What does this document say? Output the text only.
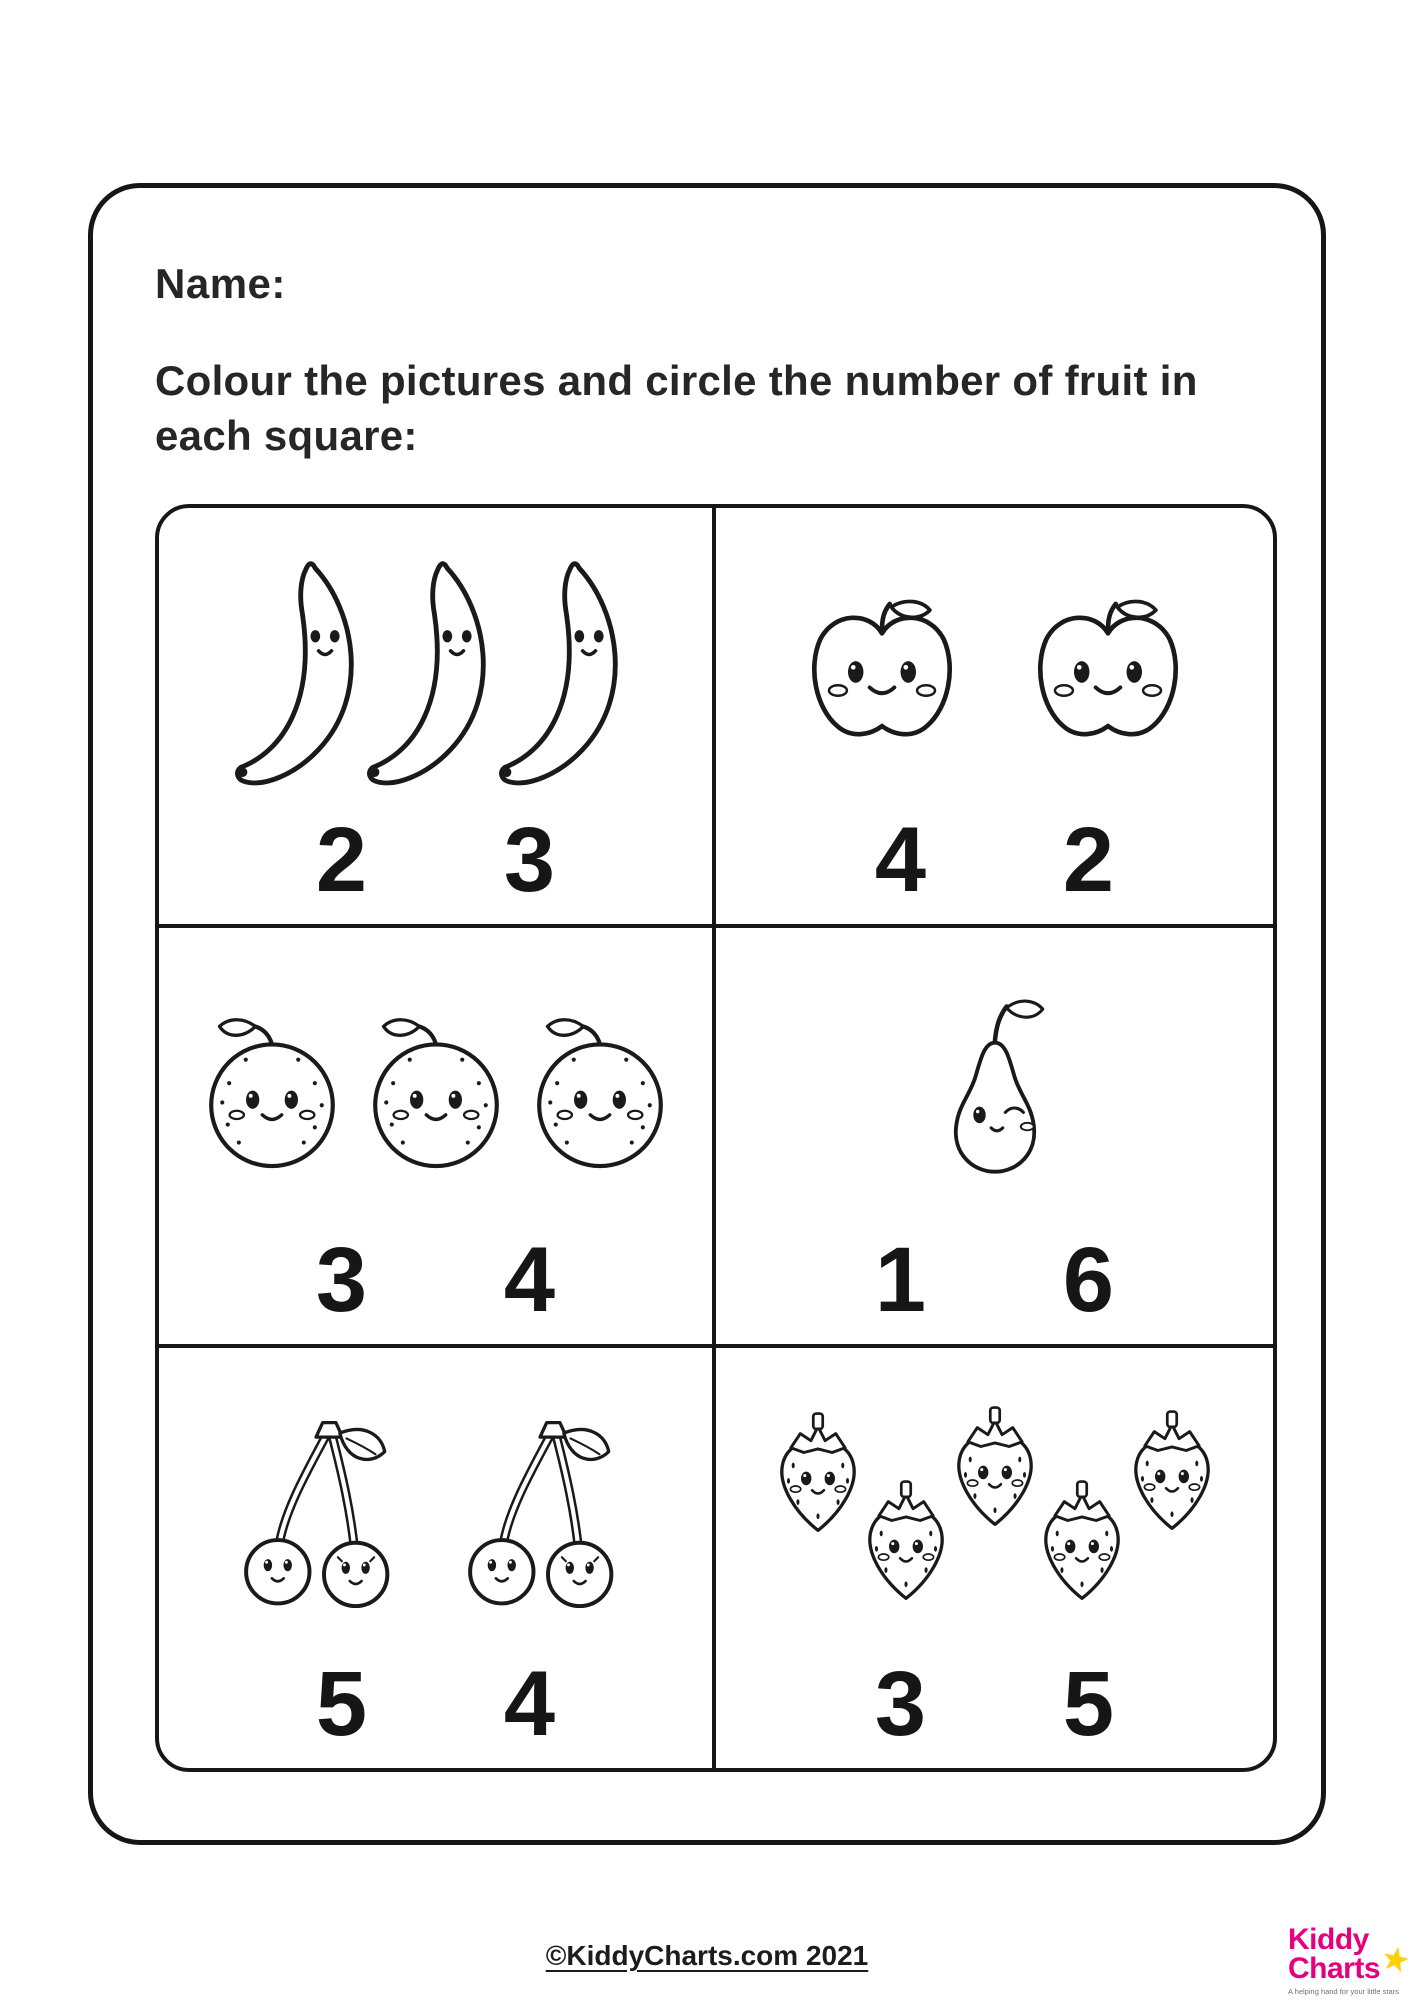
Name:
Colour the pictures and circle the number of fruit in
each square:
2 3	4 2
3 4	1 6
5 4	3 5
©KiddyCharts.com 2021	Kiddy
Charts ★
A helping hand for your little stars
